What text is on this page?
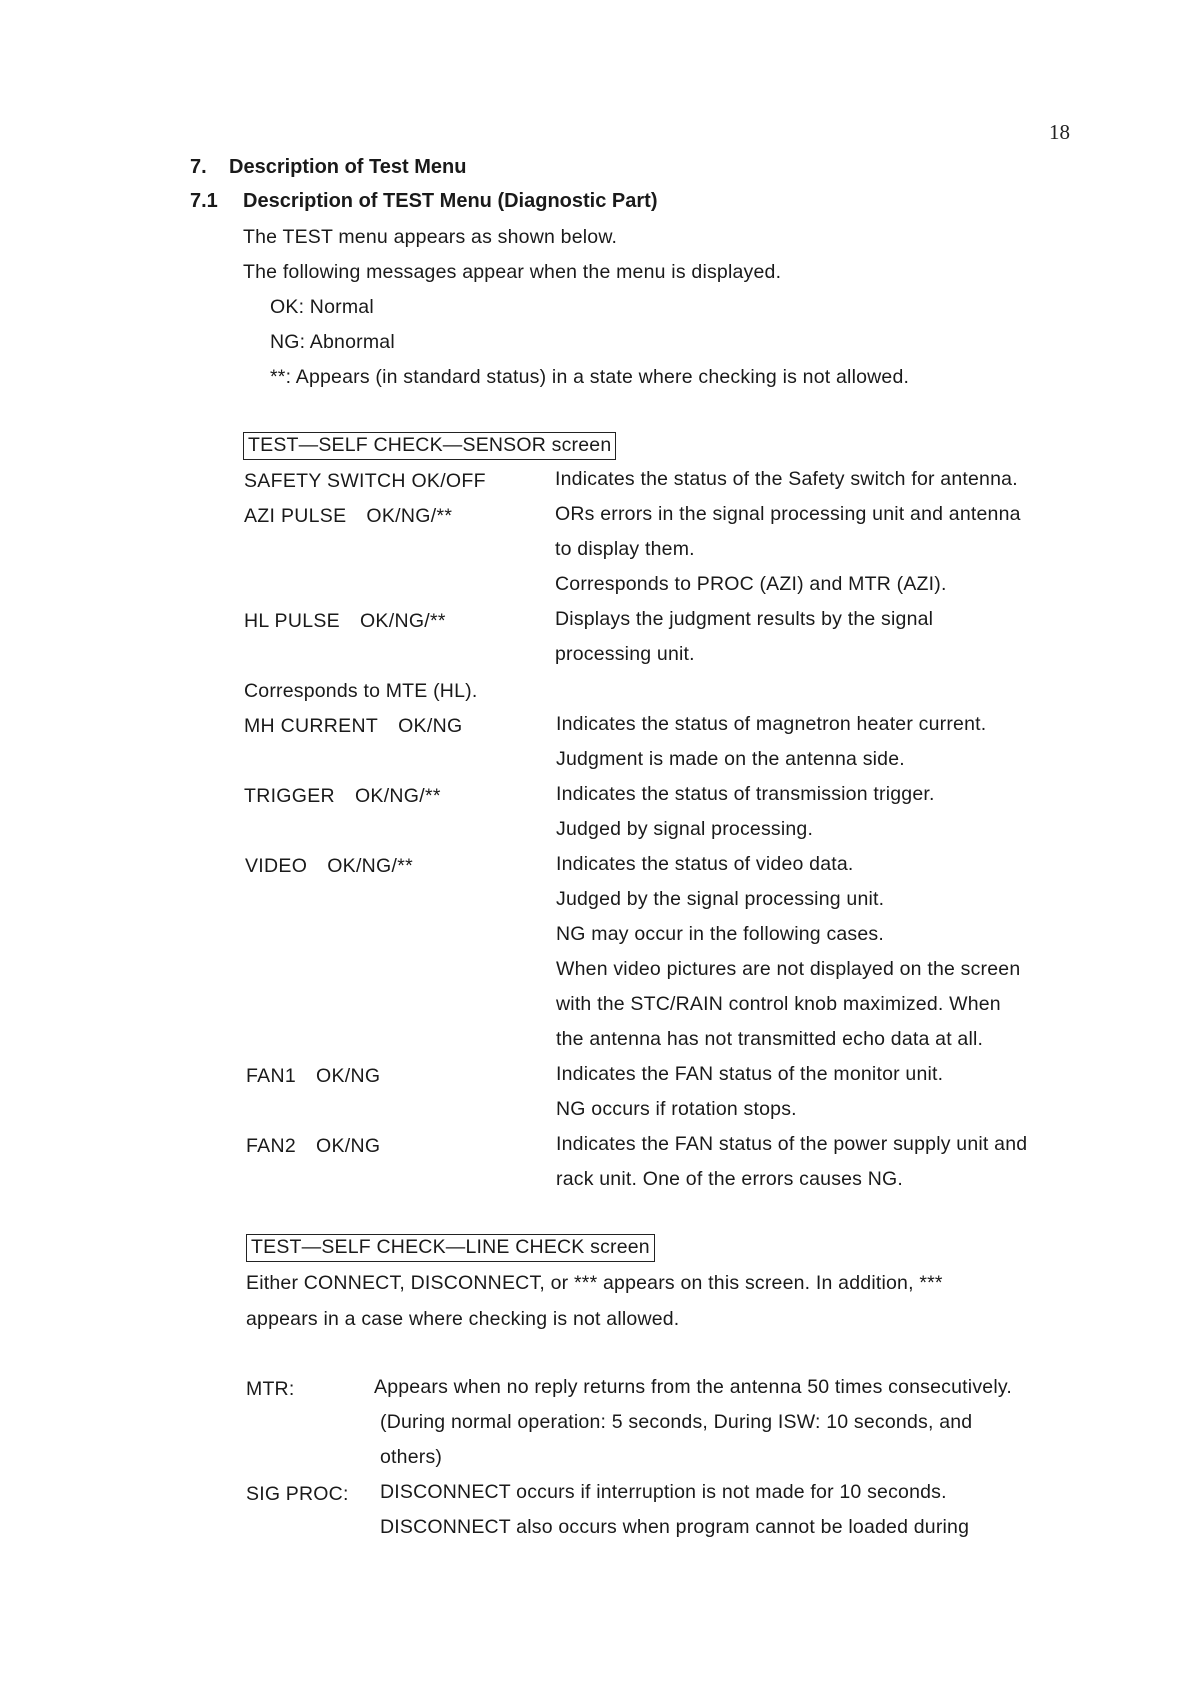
18
7. Description of Test Menu
7.1 Description of TEST Menu (Diagnostic Part)
The TEST menu appears as shown below.
The following messages appear when the menu is displayed.
OK: Normal
NG: Abnormal
**: Appears (in standard status) in a state where checking is not allowed.
TEST—SELF CHECK—SENSOR screen
SAFETY SWITCH OK/OFF	Indicates the status of the Safety switch for antenna.
AZI PULSE OK/NG/**	ORs errors in the signal processing unit and antenna
to display them.
Corresponds to PROC (AZI) and MTR (AZI).
HL PULSE OK/NG/**	Displays the judgment results by the signal
processing unit.
Corresponds to MTE (HL).
MH CURRENT OK/NG	Indicates the status of magnetron heater current.
Judgment is made on the antenna side.
TRIGGER OK/NG/**	Indicates the status of transmission trigger.
Judged by signal processing.
VIDEO OK/NG/**	Indicates the status of video data.
Judged by the signal processing unit.
NG may occur in the following cases.
When video pictures are not displayed on the screen
with the STC/RAIN control knob maximized. When
the antenna has not transmitted echo data at all.
FAN1 OK/NG	Indicates the FAN status of the monitor unit.
NG occurs if rotation stops.
FAN2 OK/NG	Indicates the FAN status of the power supply unit and
rack unit. One of the errors causes NG.
TEST—SELF CHECK—LINE CHECK screen
Either CONNECT, DISCONNECT, or *** appears on this screen. In addition, ***
appears in a case where checking is not allowed.
MTR:	Appears when no reply returns from the antenna 50 times consecutively.
(During normal operation: 5 seconds, During ISW: 10 seconds, and
others)
SIG PROC: DISCONNECT occurs if interruption is not made for 10 seconds.
DISCONNECT also occurs when program cannot be loaded during
